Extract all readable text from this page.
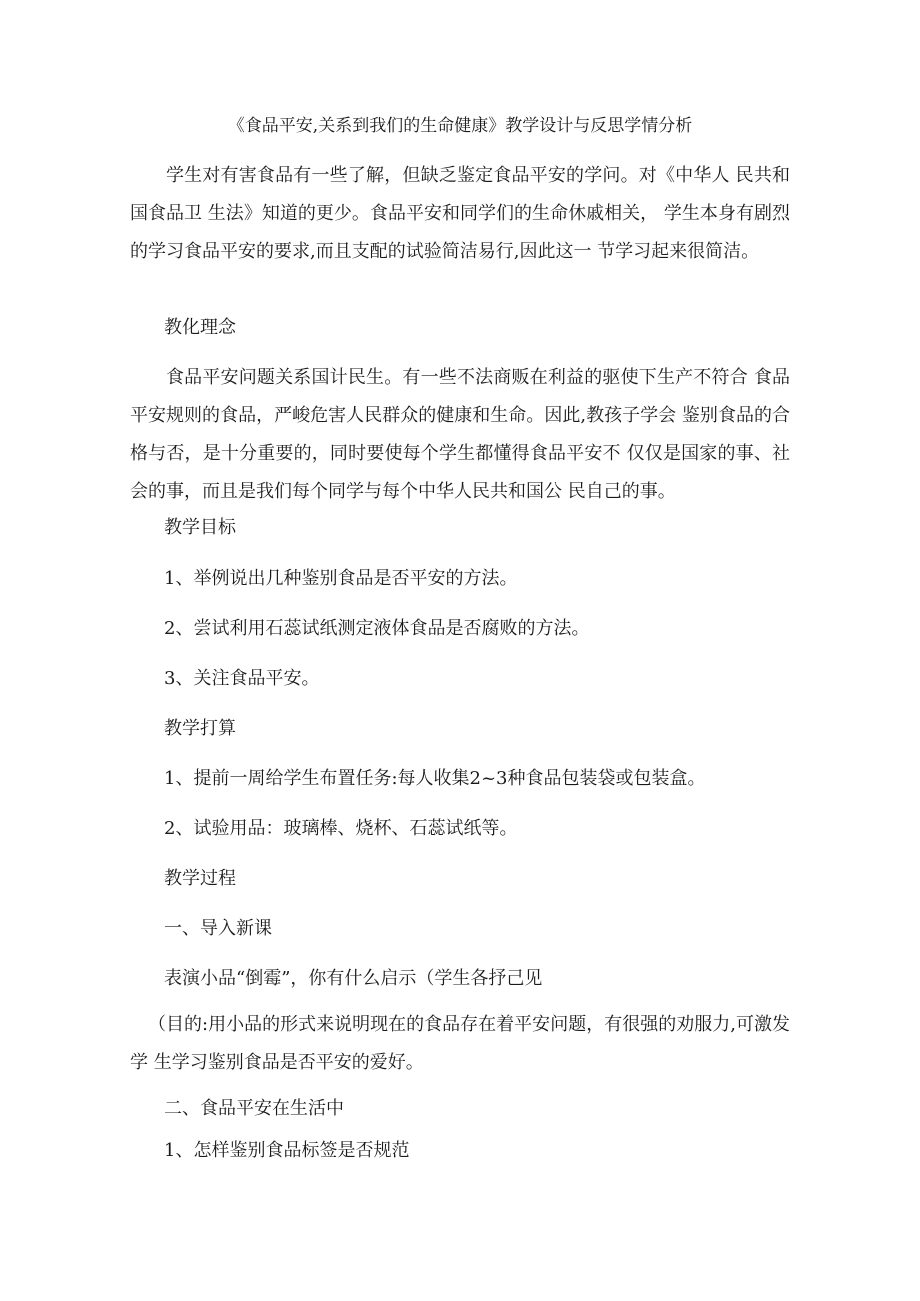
《食品平安,关系到我们的生命健康》教学设计与反思学情分析
学生对有害食品有一些了解，但缺乏鉴定食品平安的学问。对《中华人 民共和国食品卫 生法》知道的更少。食品平安和同学们的生命休戚相关， 学生本身有剧烈的学习食品平安的要求,而且支配的试验简洁易行,因此这一 节学习起来很简洁。
教化理念
食品平安问题关系国计民生。有一些不法商贩在利益的驱使下生产不符合 食品平安规则的食品，严峻危害人民群众的健康和生命。因此,教孩子学会 鉴别食品的合格与否，是十分重要的，同时要使每个学生都懂得食品平安不 仅仅是国家的事、社会的事，而且是我们每个同学与每个中华人民共和国公 民自己的事。
教学目标
1、举例说出几种鉴别食品是否平安的方法。
2、尝试利用石蕊试纸测定液体食品是否腐败的方法。
3、关注食品平安。
教学打算
1、提前一周给学生布置任务:每人收集2~3种食品包装袋或包装盒。
2、试验用品：玻璃棒、烧杯、石蕊试纸等。
教学过程
一、导入新课
表演小品“倒霉”，你有什么启示（学生各抒己见
（目的:用小品的形式来说明现在的食品存在着平安问题，有很强的劝服力,可激发学 生学习鉴别食品是否平安的爱好。
二、食品平安在生活中
1、怎样鉴别食品标签是否规范
